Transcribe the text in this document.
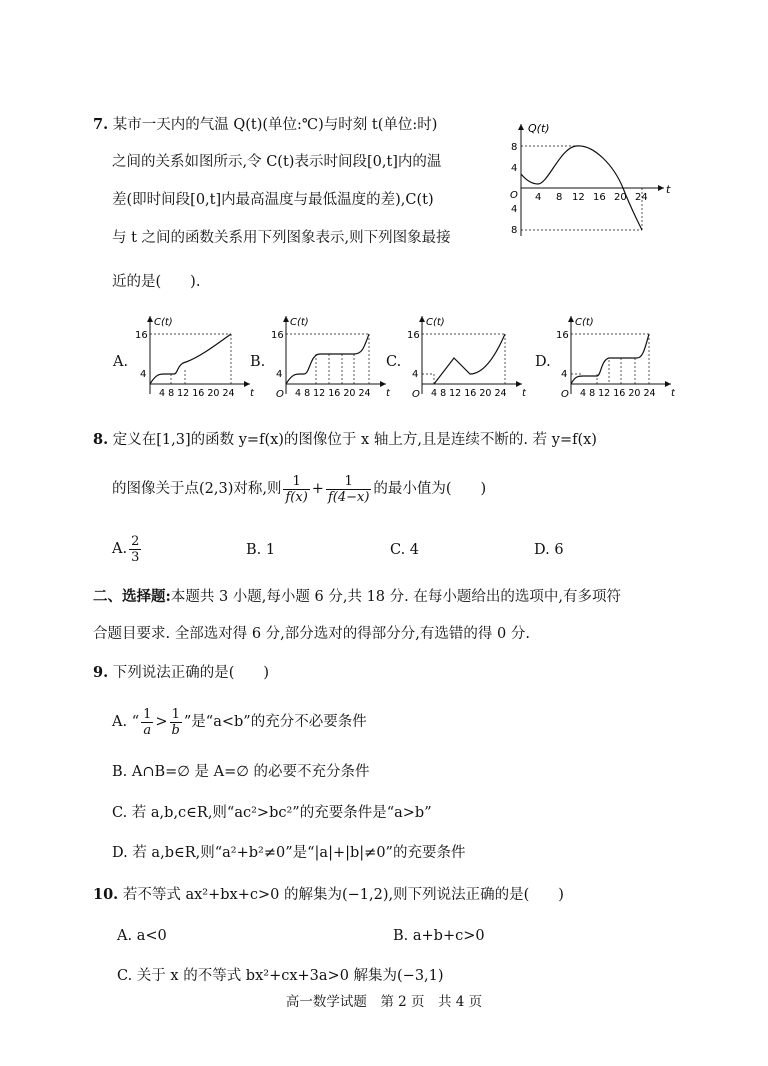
7. 某市一天内的气温 Q(t)(单位:℃)与时刻 t(单位:时)
之间的关系如图所示,令 C(t)表示时间段[0,t]内的温
差(即时间段[0,t]内最高温度与最低温度的差),C(t)
与 t 之间的函数关系用下列图象表示,则下列图象最接
近的是(　　).
Q(t)
t
O
8
4
4
8
4 8 12 16 20 24
A.
C(t)
16
4
t
4 8 12 16 20 24
B.
C(t)
16
4
O	t
4 8 12 16 20 24
C.
C(t)
16
4
O	t
4 8 12 16 20 24
D.
C(t)
16
4
O	t
4 8 12 16 20 24
8. 定义在[1,3]的函数 y=f(x)的图像位于 x 轴上方,且是连续不断的. 若 y=f(x)
的图像关于点(2,3)对称,则 $\frac{1}{f(x)} + \frac{1}{f(4-x)}$ 的最小值为(　　)
A. $\frac{2}{3}$	B. 1	C. 4	D. 6
二、选择题:本题共 3 小题,每小题 6 分,共 18 分. 在每小题给出的选项中,有多项符
合题目要求. 全部选对得 6 分,部分选对的得部分分,有选错的得 0 分.
9. 下列说法正确的是(　　)
A. “ $\frac{1}{a} > \frac{1}{b}$ ”是“a<b”的充分不必要条件
B. A∩B=∅ 是 A=∅ 的必要不充分条件
C. 若 a,b,c∈R,则“ac²>bc²”的充要条件是“a>b”
D. 若 a,b∈R,则“a²+b²≠0”是“|a|+|b|≠0”的充要条件
10. 若不等式 ax²+bx+c>0 的解集为(−1,2),则下列说法正确的是(　　)
A. a<0	B. a+b+c>0
C. 关于 x 的不等式 bx²+cx+3a>0 解集为(−3,1)
高一数学试题　第 2 页　共 4 页
